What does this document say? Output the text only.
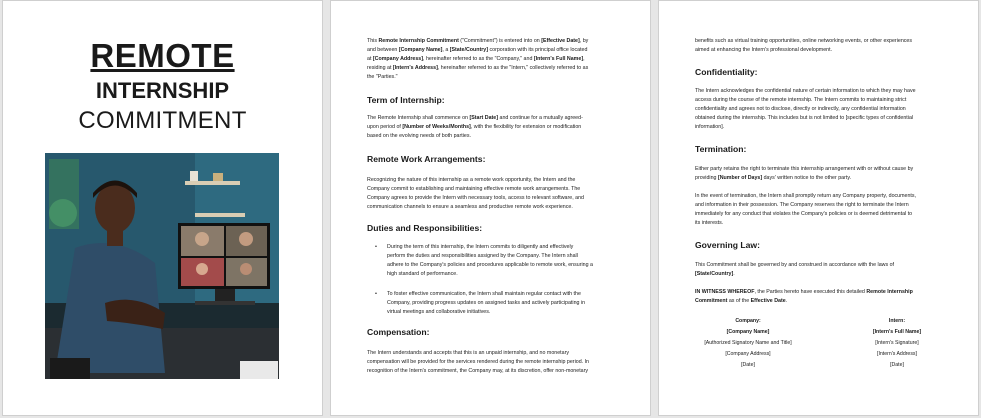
REMOTE
INTERNSHIP
COMMITMENT
This Remote Internship Commitment ("Commitment") is entered into on [Effective Date], by
and between [Company Name], a [State/Country] corporation with its principal office located
at [Company Address], hereinafter referred to as the "Company," and [Intern's Full Name],
residing at [Intern's Address], hereinafter referred to as the "Intern," collectively referred to as
the "Parties."
Term of Internship:
The Remote Internship shall commence on [Start Date] and continue for a mutually agreed-
upon period of [Number of Weeks/Months], with the flexibility for extension or modification
based on the evolving needs of both parties.
Remote Work Arrangements:
Recognizing the nature of this internship as a remote work opportunity, the Intern and the
Company commit to establishing and maintaining effective remote work arrangements. The
Company agrees to provide the Intern with necessary tools, access to relevant software, and
communication channels to ensure a seamless and productive remote work experience.
Duties and Responsibilities:
• During the term of this internship, the Intern commits to diligently and effectively
perform the duties and responsibilities assigned by the Company. The Intern shall
adhere to the Company's policies and procedures applicable to remote work, ensuring a
high standard of performance.
• To foster effective communication, the Intern shall maintain regular contact with the
Company, providing progress updates on assigned tasks and actively participating in
virtual meetings and collaborative initiatives.
Compensation:
The Intern understands and accepts that this is an unpaid internship, and no monetary
compensation will be provided for the services rendered during the remote internship period. In
recognition of the Intern's commitment, the Company may, at its discretion, offer non-monetary
benefits such as virtual training opportunities, online networking events, or other experiences
aimed at enhancing the Intern's professional development.
Confidentiality:
The Intern acknowledges the confidential nature of certain information to which they may have
access during the course of the remote internship. The Intern commits to maintaining strict
confidentiality and agrees not to disclose, directly or indirectly, any confidential information
obtained during the internship. This includes but is not limited to [specific types of confidential
information].
Termination:
Either party retains the right to terminate this internship arrangement with or without cause by
providing [Number of Days] days' written notice to the other party.
In the event of termination, the Intern shall promptly return any Company property, documents,
and information in their possession. The Company reserves the right to terminate the Intern
immediately for any conduct that violates the Company's policies or is deemed detrimental to
its interests.
Governing Law:
This Commitment shall be governed by and construed in accordance with the laws of
[State/Country].
IN WITNESS WHEREOF, the Parties hereto have executed this detailed Remote Internship
Commitment as of the Effective Date.
Company:
[Company Name]
[Authorized Signatory Name and Title]
[Company Address]
[Date]
Intern:
[Intern's Full Name]
[Intern's Signature]
[Intern's Address]
[Date]
